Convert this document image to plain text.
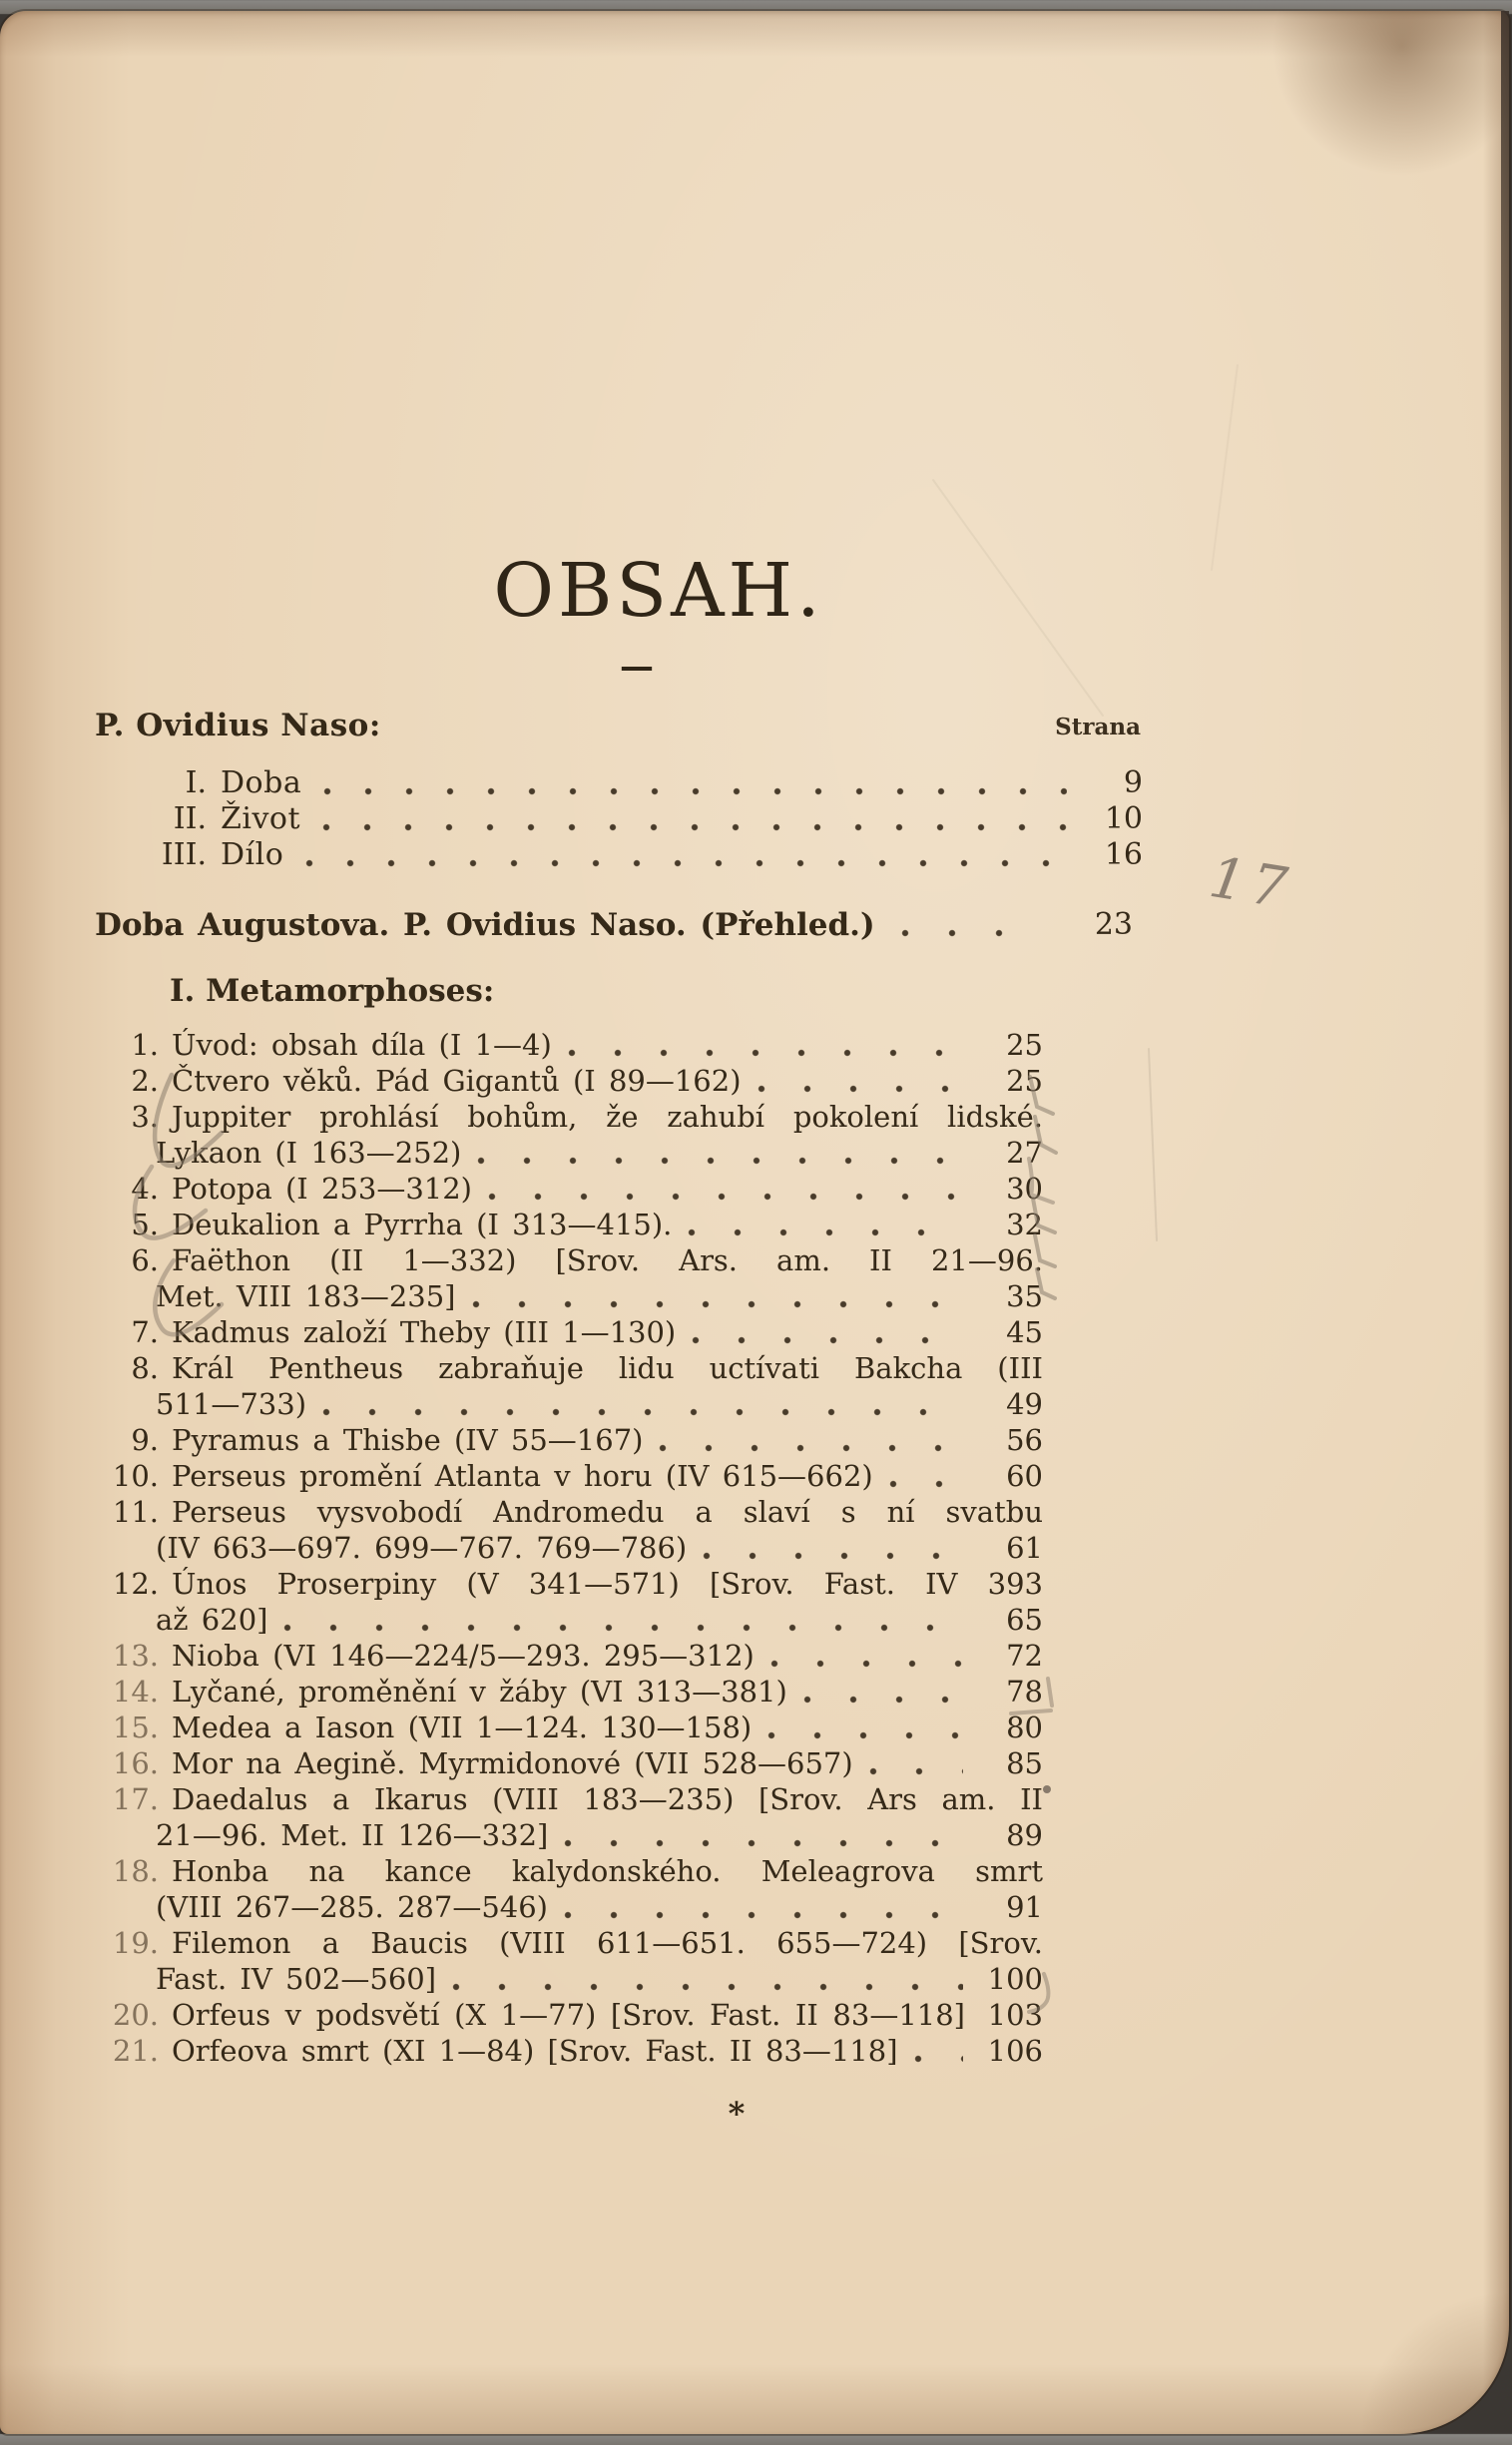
OBSAH.
—
P. Ovidius Naso:	Strana
I. Doba	9
II. Život	10
III. Dílo	16
Doba Augustova. P. Ovidius Naso. (Přehled.)	23
I. Metamorphoses:
1. Úvod: obsah díla (I 1—4)	25
2. Čtvero věků. Pád Gigantů (I 89—162)	25
3. Juppiter prohlásí bohům, že zahubí pokolení lidské.
Lykaon (I 163—252)	27
4. Potopa (I 253—312)	30
5. Deukalion a Pyrrha (I 313—415).	32
6. Faëthon (II 1—332) [Srov. Ars. am. II 21—96.
Met. VIII 183—235]	35
7. Kadmus založí Theby (III 1—130)	45
8. Král Pentheus zabraňuje lidu uctívati Bakcha (III
511—733)	49
9. Pyramus a Thisbe (IV 55—167)	56
10. Perseus promění Atlanta v horu (IV 615—662)	60
11. Perseus vysvobodí Andromedu a slaví s ní svatbu
(IV 663—697. 699—767. 769—786)	61
12. Únos Proserpiny (V 341—571) [Srov. Fast. IV 393
až 620]	65
13. Nioba (VI 146—224/5—293. 295—312)	72
14. Lyčané, proměnění v žáby (VI 313—381)	78
15. Medea a Iason (VII 1—124. 130—158)	80
16. Mor na Aegině. Myrmidonové (VII 528—657)	85
17. Daedalus a Ikarus (VIII 183—235) [Srov. Ars am. II
21—96. Met. II 126—332]	89
18. Honba na kance kalydonského. Meleagrova smrt
(VIII 267—285. 287—546)	91
19. Filemon a Baucis (VIII 611—651. 655—724) [Srov.
Fast. IV 502—560]	100
20. Orfeus v podsvětí (X 1—77) [Srov. Fast. II 83—118] 103
21. Orfeova smrt (XI 1—84) [Srov. Fast. II 83—118]	106
*
17
